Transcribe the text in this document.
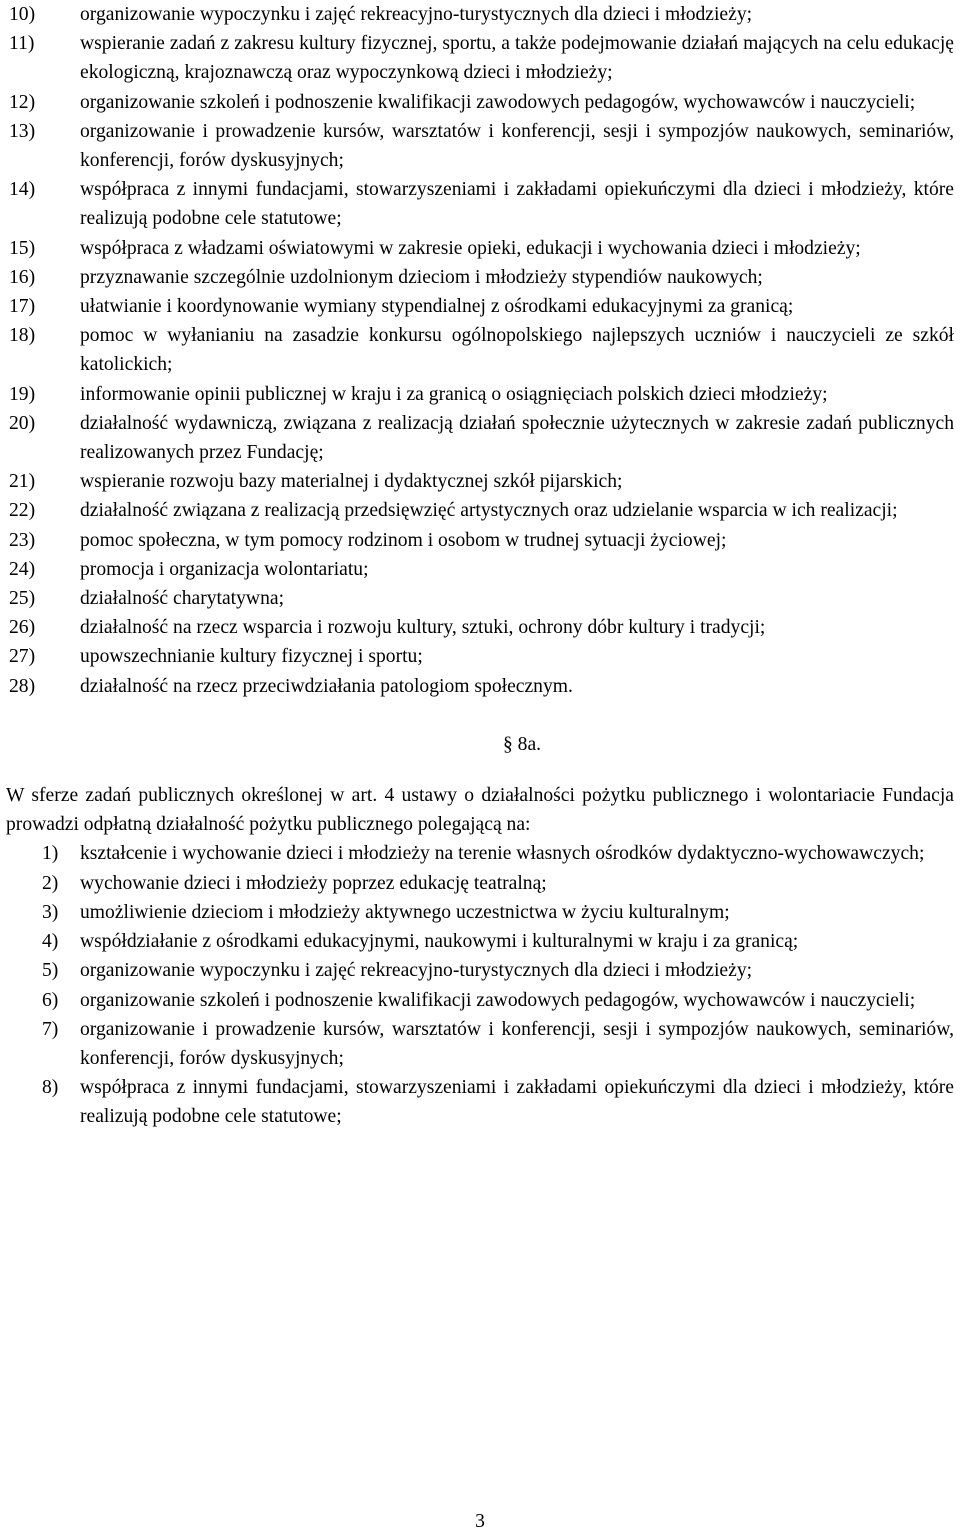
10) organizowanie wypoczynku i zajęć rekreacyjno-turystycznych dla dzieci i młodzieży;
11) wspieranie zadań z zakresu kultury fizycznej, sportu, a także podejmowanie działań mających na celu edukację ekologiczną, krajoznawczą oraz wypoczynkową dzieci i młodzieży;
12) organizowanie szkoleń i podnoszenie kwalifikacji zawodowych pedagogów, wychowawców i nauczycieli;
13) organizowanie i prowadzenie kursów, warsztatów i konferencji, sesji i sympozjów naukowych, seminariów, konferencji, forów dyskusyjnych;
14) współpraca z innymi fundacjami, stowarzyszeniami i zakładami opiekuńczymi dla dzieci i młodzieży, które realizują podobne cele statutowe;
15) współpraca z władzami oświatowymi w zakresie opieki, edukacji i wychowania dzieci i młodzieży;
16) przyznawanie szczególnie uzdolnionym dzieciom i młodzieży stypendiów naukowych;
17) ułatwianie i koordynowanie wymiany stypendialnej z ośrodkami edukacyjnymi za granicą;
18) pomoc w wyłanianiu na zasadzie konkursu ogólnopolskiego najlepszych uczniów i nauczycieli ze szkół katolickich;
19) informowanie opinii publicznej w kraju i za granicą o osiągnięciach polskich dzieci młodzieży;
20) działalność wydawniczą, związana z realizacją działań społecznie użytecznych w zakresie zadań publicznych realizowanych przez Fundację;
21) wspieranie rozwoju bazy materialnej i dydaktycznej szkół pijarskich;
22) działalność związana z realizacją przedsięwzięć artystycznych oraz udzielanie wsparcia w ich realizacji;
23) pomoc społeczna, w tym pomocy rodzinom i osobom w trudnej sytuacji życiowej;
24) promocja i organizacja wolontariatu;
25) działalność charytatywna;
26) działalność na rzecz wsparcia i rozwoju kultury, sztuki, ochrony dóbr kultury i tradycji;
27) upowszechnianie kultury fizycznej i sportu;
28) działalność na rzecz przeciwdziałania patologiom społecznym.

§ 8a.

W sferze zadań publicznych określonej w art. 4 ustawy o działalności pożytku publicznego i wolontariacie Fundacja prowadzi odpłatną działalność pożytku publicznego polegającą na:

1) kształcenie i wychowanie dzieci i młodzieży na terenie własnych ośrodków dydaktyczno-wychowawczych;
2) wychowanie dzieci i młodzieży poprzez edukację teatralną;
3) umożliwienie dzieciom i młodzieży aktywnego uczestnictwa w życiu kulturalnym;
4) współdziałanie z ośrodkami edukacyjnymi, naukowymi i kulturalnymi w kraju i za granicą;
5) organizowanie wypoczynku i zajęć rekreacyjno-turystycznych dla dzieci i młodzieży;
6) organizowanie szkoleń i podnoszenie kwalifikacji zawodowych pedagogów, wychowawców i nauczycieli;
7) organizowanie i prowadzenie kursów, warsztatów i konferencji, sesji i sympozjów naukowych, seminariów, konferencji, forów dyskusyjnych;
8) współpraca z innymi fundacjami, stowarzyszeniami i zakładami opiekuńczymi dla dzieci i młodzieży, które realizują podobne cele statutowe;
3
